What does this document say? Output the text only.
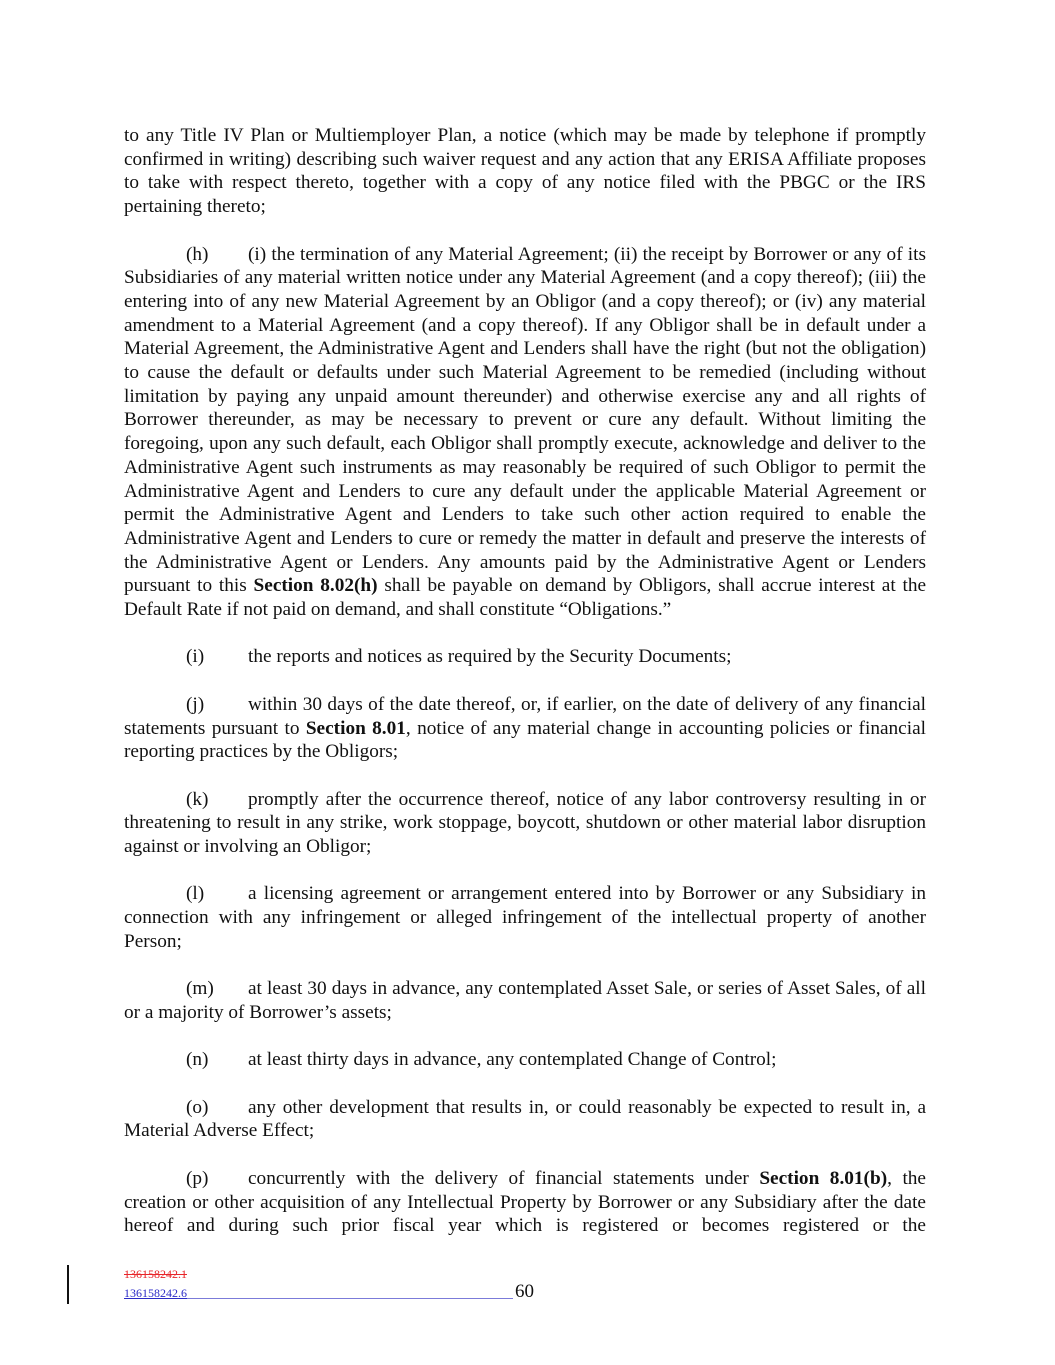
to any Title IV Plan or Multiemployer Plan, a notice (which may be made by telephone if promptly confirmed in writing) describing such waiver request and any action that any ERISA Affiliate proposes to take with respect thereto, together with a copy of any notice filed with the PBGC or the IRS pertaining thereto;

(h) (i) the termination of any Material Agreement; (ii) the receipt by Borrower or any of its Subsidiaries of any material written notice under any Material Agreement (and a copy thereof); (iii) the entering into of any new Material Agreement by an Obligor (and a copy thereof); or (iv) any material amendment to a Material Agreement (and a copy thereof). If any Obligor shall be in default under a Material Agreement, the Administrative Agent and Lenders shall have the right (but not the obligation) to cause the default or defaults under such Material Agreement to be remedied (including without limitation by paying any unpaid amount thereunder) and otherwise exercise any and all rights of Borrower thereunder, as may be necessary to prevent or cure any default. Without limiting the foregoing, upon any such default, each Obligor shall promptly execute, acknowledge and deliver to the Administrative Agent such instruments as may reasonably be required of such Obligor to permit the Administrative Agent and Lenders to cure any default under the applicable Material Agreement or permit the Administrative Agent and Lenders to take such other action required to enable the Administrative Agent and Lenders to cure or remedy the matter in default and preserve the interests of the Administrative Agent or Lenders. Any amounts paid by the Administrative Agent or Lenders pursuant to this Section 8.02(h) shall be payable on demand by Obligors, shall accrue interest at the Default Rate if not paid on demand, and shall constitute “Obligations.”

(i) the reports and notices as required by the Security Documents;

(j) within 30 days of the date thereof, or, if earlier, on the date of delivery of any financial statements pursuant to Section 8.01, notice of any material change in accounting policies or financial reporting practices by the Obligors;

(k) promptly after the occurrence thereof, notice of any labor controversy resulting in or threatening to result in any strike, work stoppage, boycott, shutdown or other material labor disruption against or involving an Obligor;

(l) a licensing agreement or arrangement entered into by Borrower or any Subsidiary in connection with any infringement or alleged infringement of the intellectual property of another Person;

(m) at least 30 days in advance, any contemplated Asset Sale, or series of Asset Sales, of all or a majority of Borrower’s assets;

(n) at least thirty days in advance, any contemplated Change of Control;

(o) any other development that results in, or could reasonably be expected to result in, a Material Adverse Effect;

(p) concurrently with the delivery of financial statements under Section 8.01(b), the creation or other acquisition of any Intellectual Property by Borrower or any Subsidiary after the date hereof and during such prior fiscal year which is registered or becomes registered or the

136158242.1
136158242.6	60
